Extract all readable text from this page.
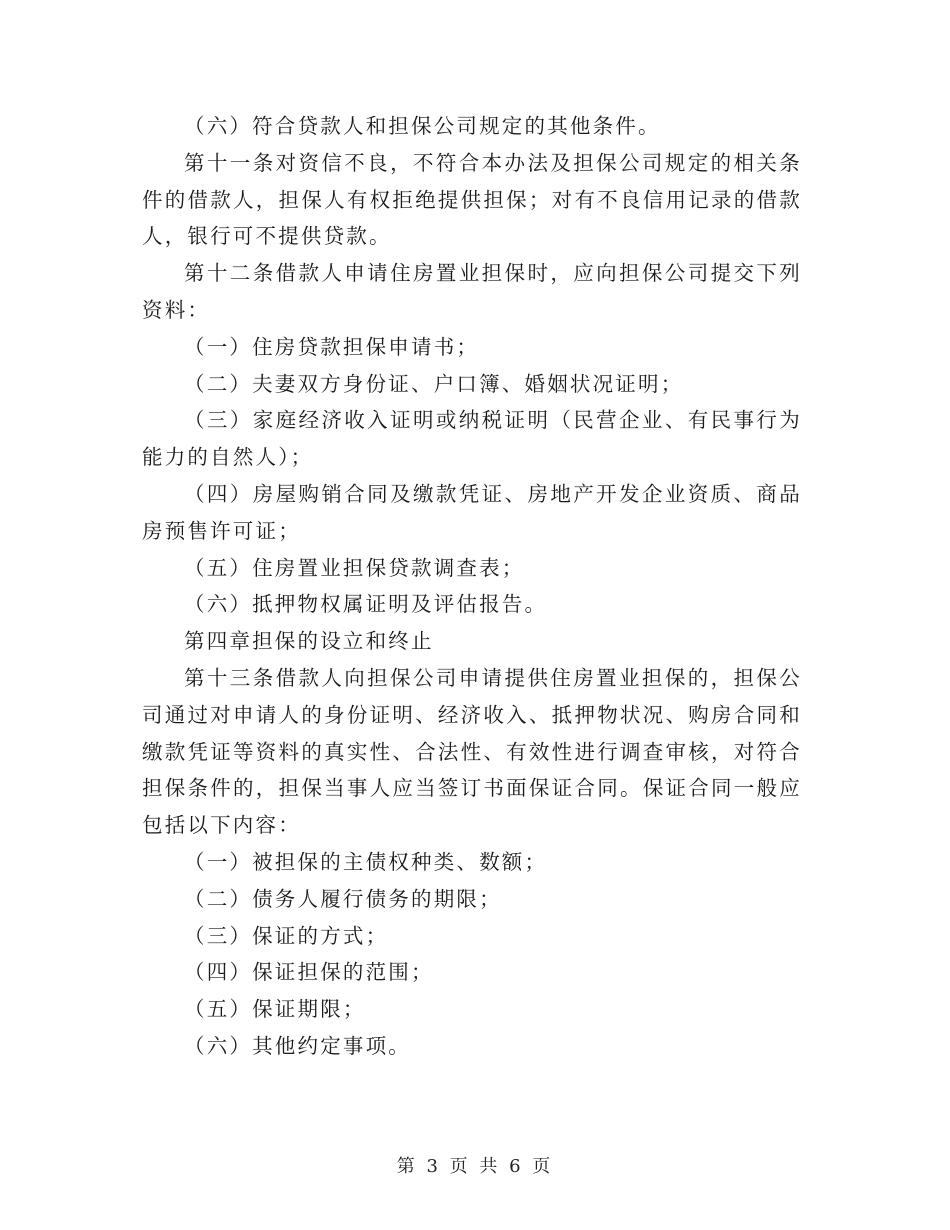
（六）符合贷款人和担保公司规定的其他条件。

第十一条对资信不良，不符合本办法及担保公司规定的相关条件的借款人，担保人有权拒绝提供担保；对有不良信用记录的借款人，银行可不提供贷款。

第十二条借款人申请住房置业担保时，应向担保公司提交下列资料：

（一）住房贷款担保申请书；

（二）夫妻双方身份证、户口簿、婚姻状况证明；

（三）家庭经济收入证明或纳税证明（民营企业、有民事行为能力的自然人）；

（四）房屋购销合同及缴款凭证、房地产开发企业资质、商品房预售许可证；

（五）住房置业担保贷款调查表；

（六）抵押物权属证明及评估报告。

第四章担保的设立和终止

第十三条借款人向担保公司申请提供住房置业担保的，担保公司通过对申请人的身份证明、经济收入、抵押物状况、购房合同和缴款凭证等资料的真实性、合法性、有效性进行调查审核，对符合担保条件的，担保当事人应当签订书面保证合同。保证合同一般应包括以下内容：

（一）被担保的主债权种类、数额；

（二）债务人履行债务的期限；

（三）保证的方式；

（四）保证担保的范围；

（五）保证期限；

（六）其他约定事项。

第 3 页 共 6 页
